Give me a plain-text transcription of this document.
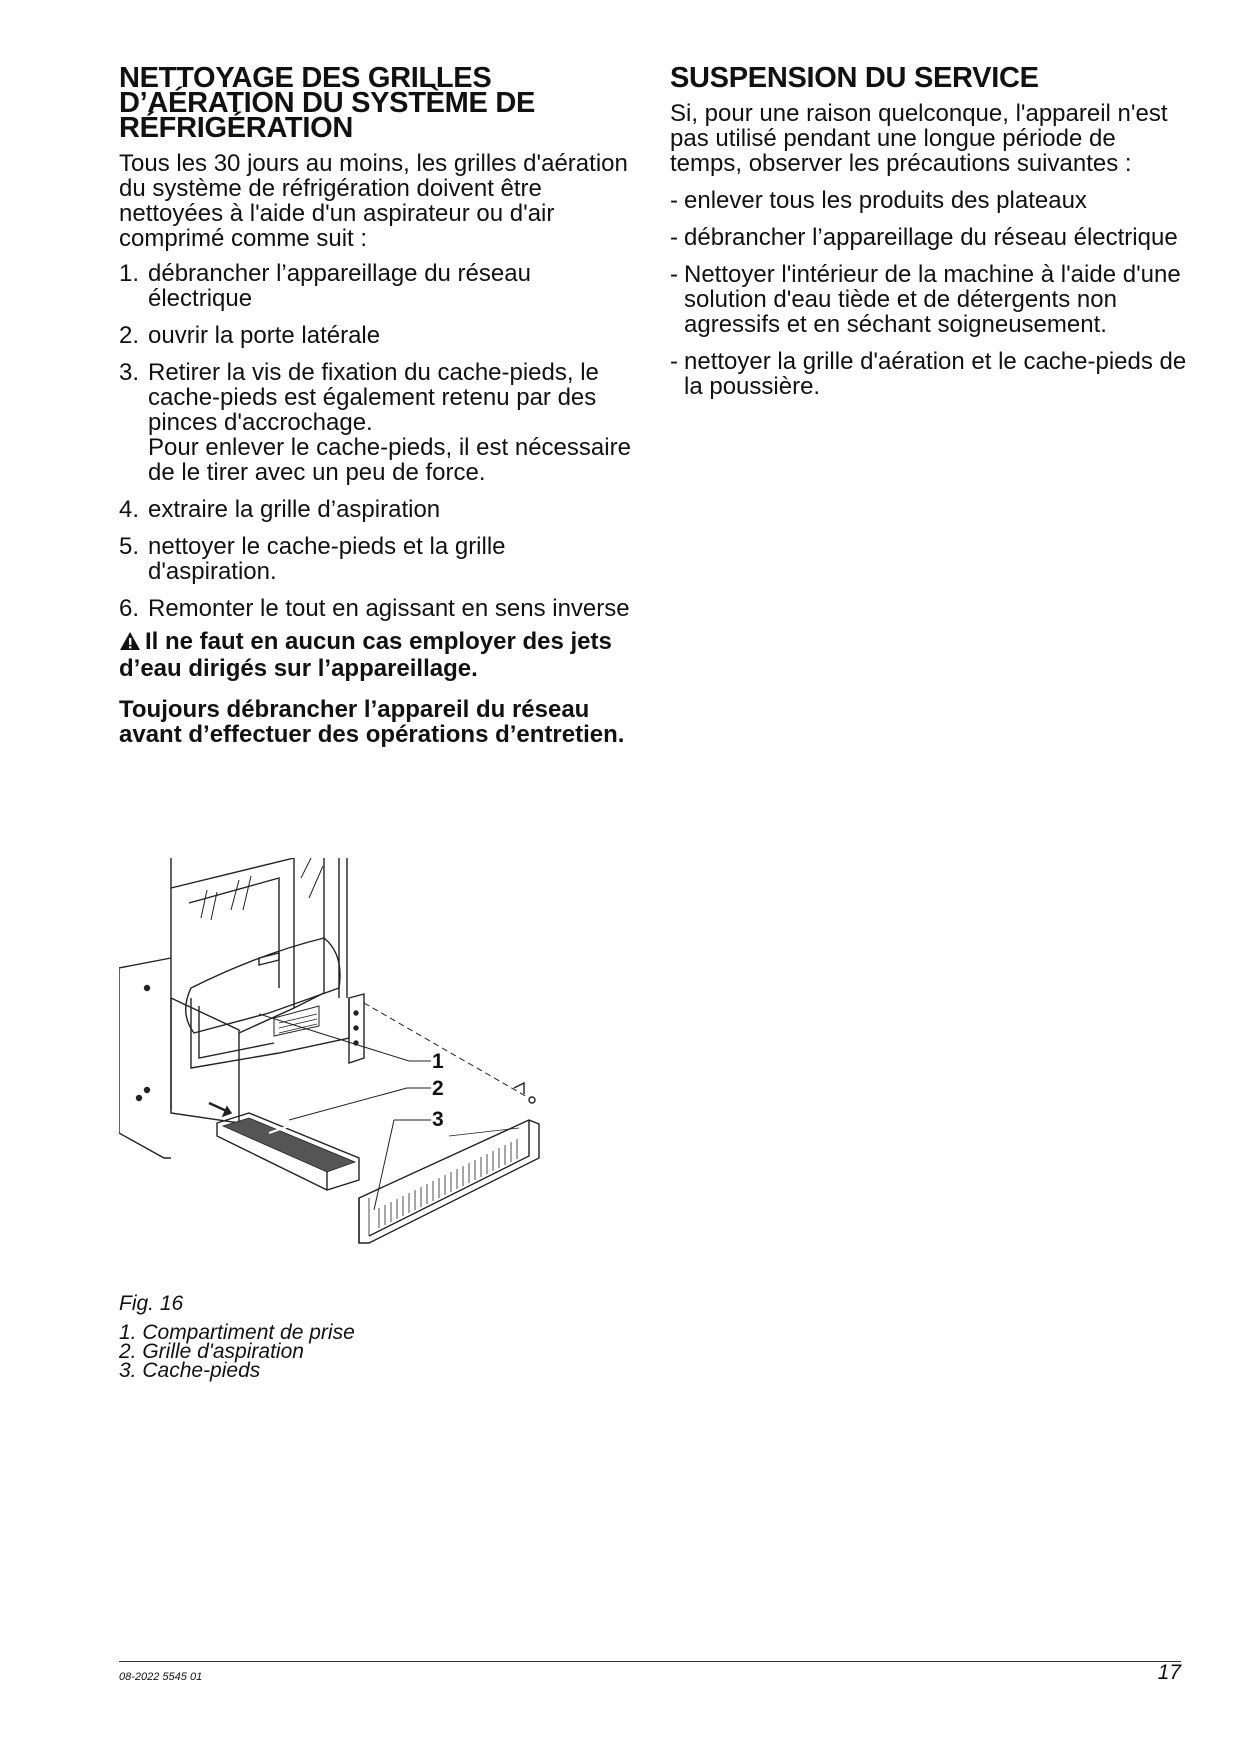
NETTOYAGE DES GRILLES
D’AÉRATION DU SYSTÈME DE
RÉFRIGÉRATION

Tous les 30 jours au moins, les grilles d'aération du système de réfrigération doivent être nettoyées à l'aide d'un aspirateur ou d'air comprimé comme suit :

1. débrancher l’appareillage du réseau électrique
2. ouvrir la porte latérale
3. Retirer la vis de fixation du cache-pieds, le cache-pieds est également retenu par des pinces d'accrochage.
Pour enlever le cache-pieds, il est nécessaire de le tirer avec un peu de force.
4. extraire la grille d’aspiration
5. nettoyer le cache-pieds et la grille d'aspiration.
6. Remonter le tout en agissant en sens inverse

Il ne faut en aucun cas employer des jets d’eau dirigés sur l’appareillage.

Toujours débrancher l’appareil du réseau avant d’effectuer des opérations d’entretien.

SUSPENSION DU SERVICE

Si, pour une raison quelconque, l'appareil n'est pas utilisé pendant une longue période de temps, observer les précautions suivantes :

- enlever tous les produits des plateaux
- débrancher l’appareillage du réseau électrique
- Nettoyer l'intérieur de la machine à l'aide d'une solution d'eau tiède et de détergents non agressifs et en séchant soigneusement.
- nettoyer la grille d'aération et le cache-pieds de la poussière.
1
2
3
Fig. 16
1. Compartiment de prise
2. Grille d'aspiration
3. Cache-pieds
08-2022 5545 01	17
